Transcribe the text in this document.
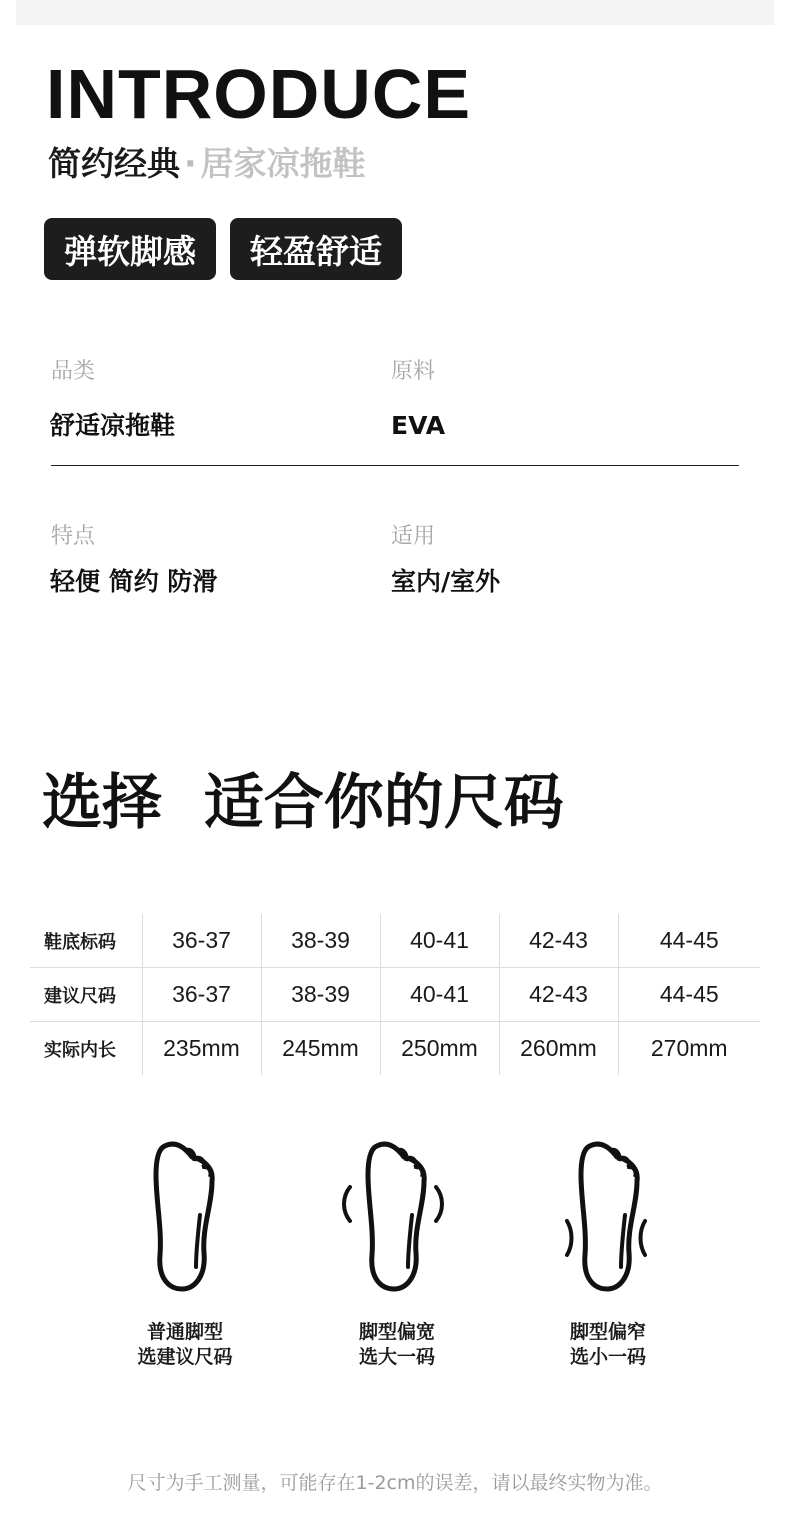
INTRODUCE
简约经典 · 居家凉拖鞋
弹软脚感	轻盈舒适
品类
舒适凉拖鞋
原料
EVA
特点
轻便 简约 防滑
适用
室内/室外
选择  适合你的尺码
鞋底标码	36-37	38-39	40-41	42-43	44-45
建议尺码	36-37	38-39	40-41	42-43	44-45
实际内长	235mm	245mm	250mm	260mm	270mm
普通脚型
选建议尺码
脚型偏宽
选大一码
脚型偏窄
选小一码
尺寸为手工测量，可能存在1-2cm的误差，请以最终实物为准。
